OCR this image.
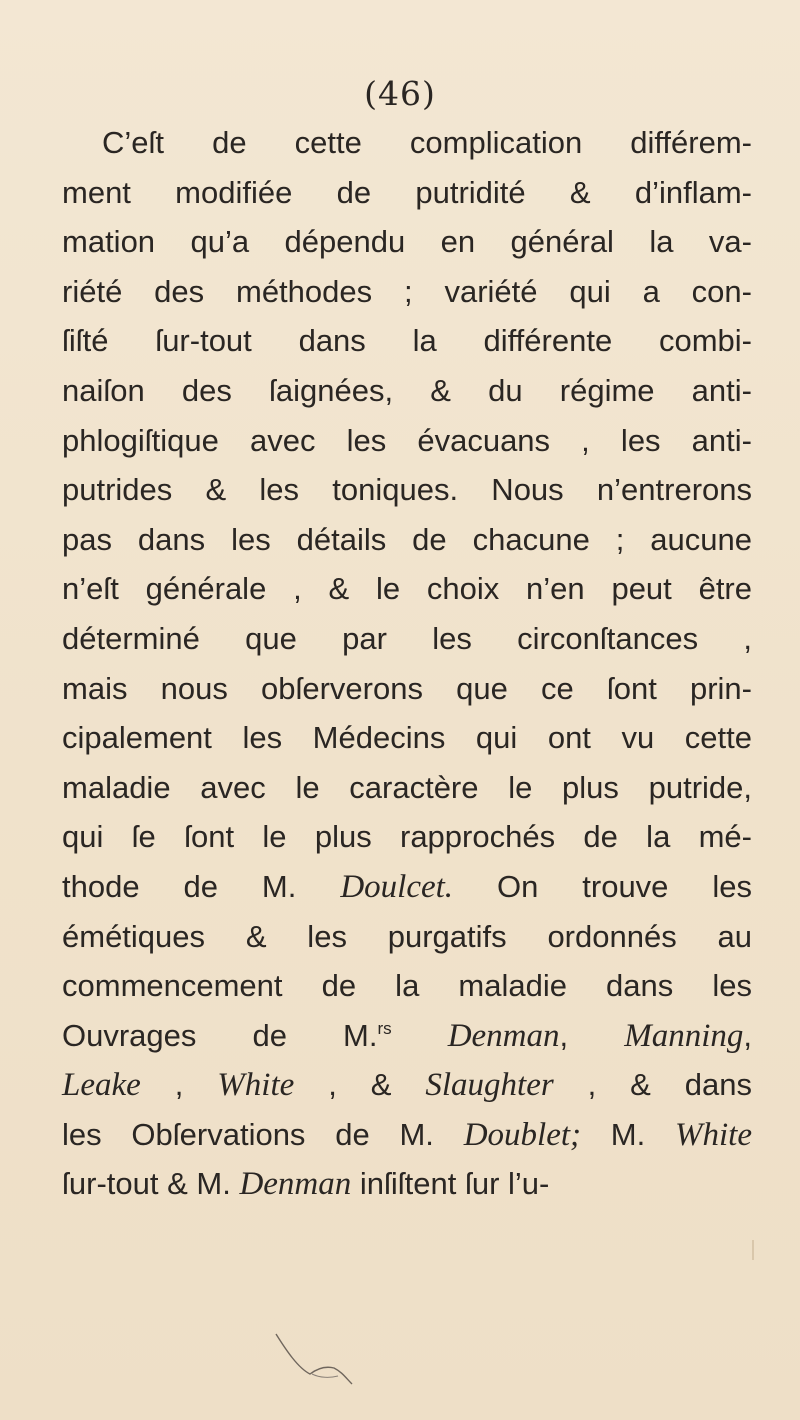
(46)
C’eſt de cette complication différem-
ment modifiée de putridité & d’inflam-
mation qu’a dépendu en général la va-
riété des méthodes ; variété qui a con-
ſiſté ſur-tout dans la différente combi-
naiſon des ſaignées, & du régime anti-
phlogiſtique avec les évacuans , les anti-
putrides & les toniques. Nous n’entrerons
pas dans les détails de chacune ; aucune
n’eſt générale , & le choix n’en peut être
déterminé que par les circonſtances ,
mais nous obſerverons que ce ſont prin-
cipalement les Médecins qui ont vu cette
maladie avec le caractère le plus putride,
qui ſe ſont le plus rapprochés de la mé-
thode de M. Doulcet. On trouve les
émétiques & les purgatifs ordonnés au
commencement de la maladie dans les
Ouvrages de M.$^{rs}$ Denman, Manning,
Leake , White , & Slaughter , & dans
les Obſervations de M. Doublet; M. White
ſur-tout & M. Denman inſiſtent ſur l’u-
